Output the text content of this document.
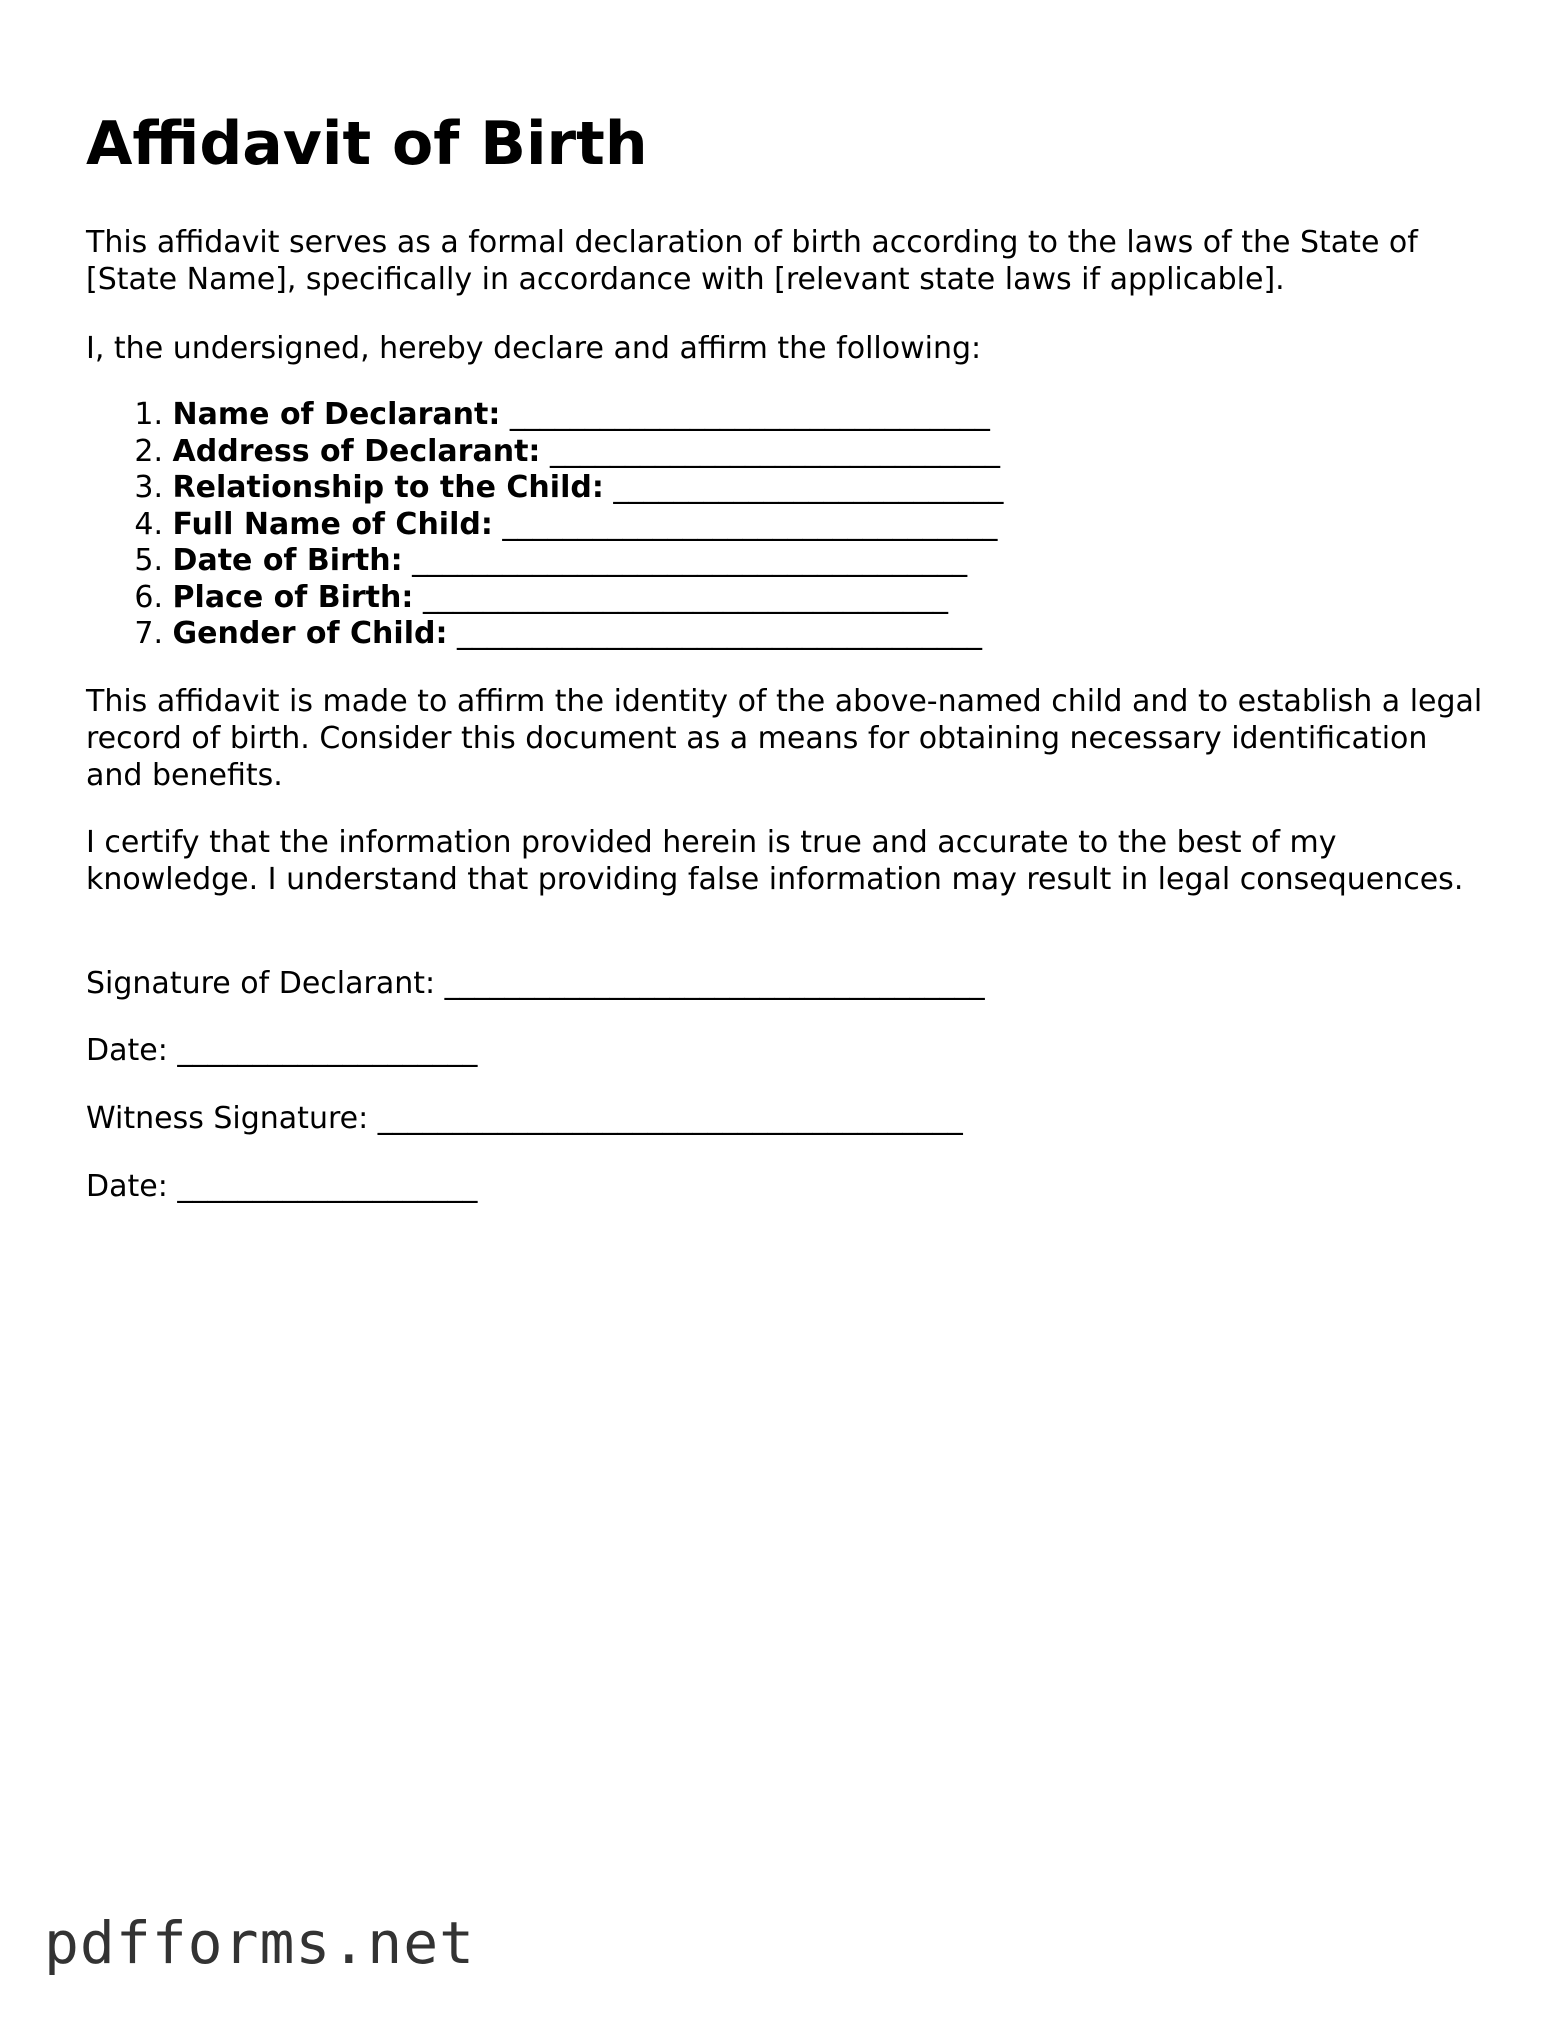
Affidavit of Birth

This affidavit serves as a formal declaration of birth according to the laws of the State of [State Name], specifically in accordance with [relevant state laws if applicable].

I, the undersigned, hereby declare and affirm the following:

1. Name of Declarant: ________________________________
2. Address of Declarant: ______________________________
3. Relationship to the Child: __________________________
4. Full Name of Child: _________________________________
5. Date of Birth: _____________________________________
6. Place of Birth: ___________________________________
7. Gender of Child: ___________________________________

This affidavit is made to affirm the identity of the above-named child and to establish a legal record of birth. Consider this document as a means for obtaining necessary identification and benefits.

I certify that the information provided herein is true and accurate to the best of my knowledge. I understand that providing false information may result in legal consequences.

Signature of Declarant: ____________________________________

Date: ____________________

Witness Signature: _______________________________________

Date: ____________________

pdfforms.net
